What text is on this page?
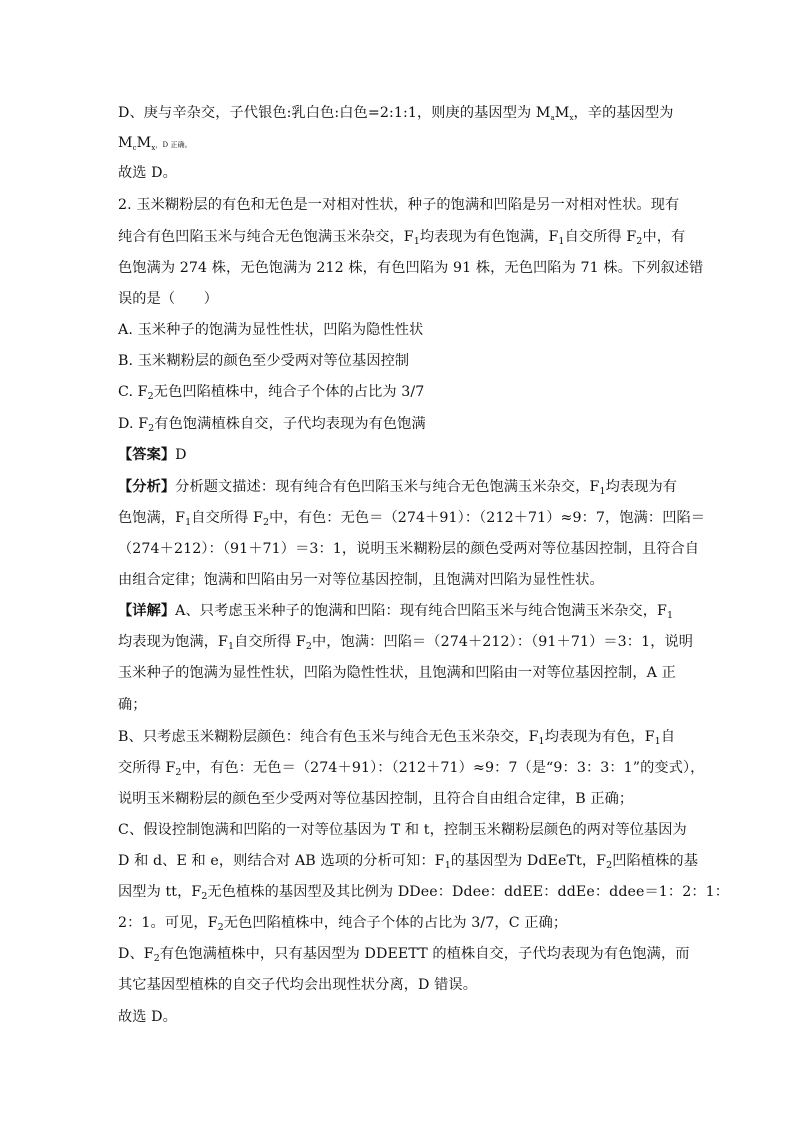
D、庚与辛杂交，子代银色:乳白色:白色=2:1:1，则庚的基因型为 $M_aM_x$，辛的基因型为
$M_cM_x$，D 正确。
故选 D。
2. 玉米糊粉层的有色和无色是一对相对性状，种子的饱满和凹陷是另一对相对性状。现有
纯合有色凹陷玉米与纯合无色饱满玉米杂交，$F_1$均表现为有色饱满，$F_1$自交所得 $F_2$中，有
色饱满为 274 株，无色饱满为 212 株，有色凹陷为 91 株，无色凹陷为 71 株。下列叙述错
误的是（　　）
A. 玉米种子的饱满为显性性状，凹陷为隐性性状
B. 玉米糊粉层的颜色至少受两对等位基因控制
C. $F_2$无色凹陷植株中，纯合子个体的占比为 3/7
D. $F_2$有色饱满植株自交，子代均表现为有色饱满
【答案】D
【分析】分析题文描述：现有纯合有色凹陷玉米与纯合无色饱满玉米杂交，$F_1$均表现为有
色饱满，$F_1$自交所得 $F_2$中，有色：无色＝（274＋91）：（212＋71）≈9：7，饱满：凹陷＝
（274＋212）：（91＋71）＝3：1，说明玉米糊粉层的颜色受两对等位基因控制，且符合自
由组合定律；饱满和凹陷由另一对等位基因控制，且饱满对凹陷为显性性状。
【详解】A、只考虑玉米种子的饱满和凹陷：现有纯合凹陷玉米与纯合饱满玉米杂交，$F_1$
均表现为饱满，$F_1$自交所得 $F_2$中，饱满：凹陷＝（274＋212）：（91＋71）＝3：1，说明
玉米种子的饱满为显性性状，凹陷为隐性性状，且饱满和凹陷由一对等位基因控制，A 正
确；
B、只考虑玉米糊粉层颜色：纯合有色玉米与纯合无色玉米杂交，$F_1$均表现为有色，$F_1$自
交所得 $F_2$中，有色：无色＝（274＋91）：（212＋71）≈9：7（是“9：3：3：1”的变式），
说明玉米糊粉层的颜色至少受两对等位基因控制，且符合自由组合定律，B 正确；
C、假设控制饱满和凹陷的一对等位基因为 T 和 t，控制玉米糊粉层颜色的两对等位基因为
D 和 d、E 和 e，则结合对 AB 选项的分析可知：$F_1$的基因型为 DdEeTt，$F_2$凹陷植株的基
因型为 tt，$F_2$无色植株的基因型及其比例为 DDee：Ddee：ddEE：ddEe：ddee＝1：2：1：
2：1。可见，$F_2$无色凹陷植株中，纯合子个体的占比为 3/7，C 正确；
D、$F_2$有色饱满植株中，只有基因型为 DDEETT 的植株自交，子代均表现为有色饱满，而
其它基因型植株的自交子代均会出现性状分离，D 错误。
故选 D。
